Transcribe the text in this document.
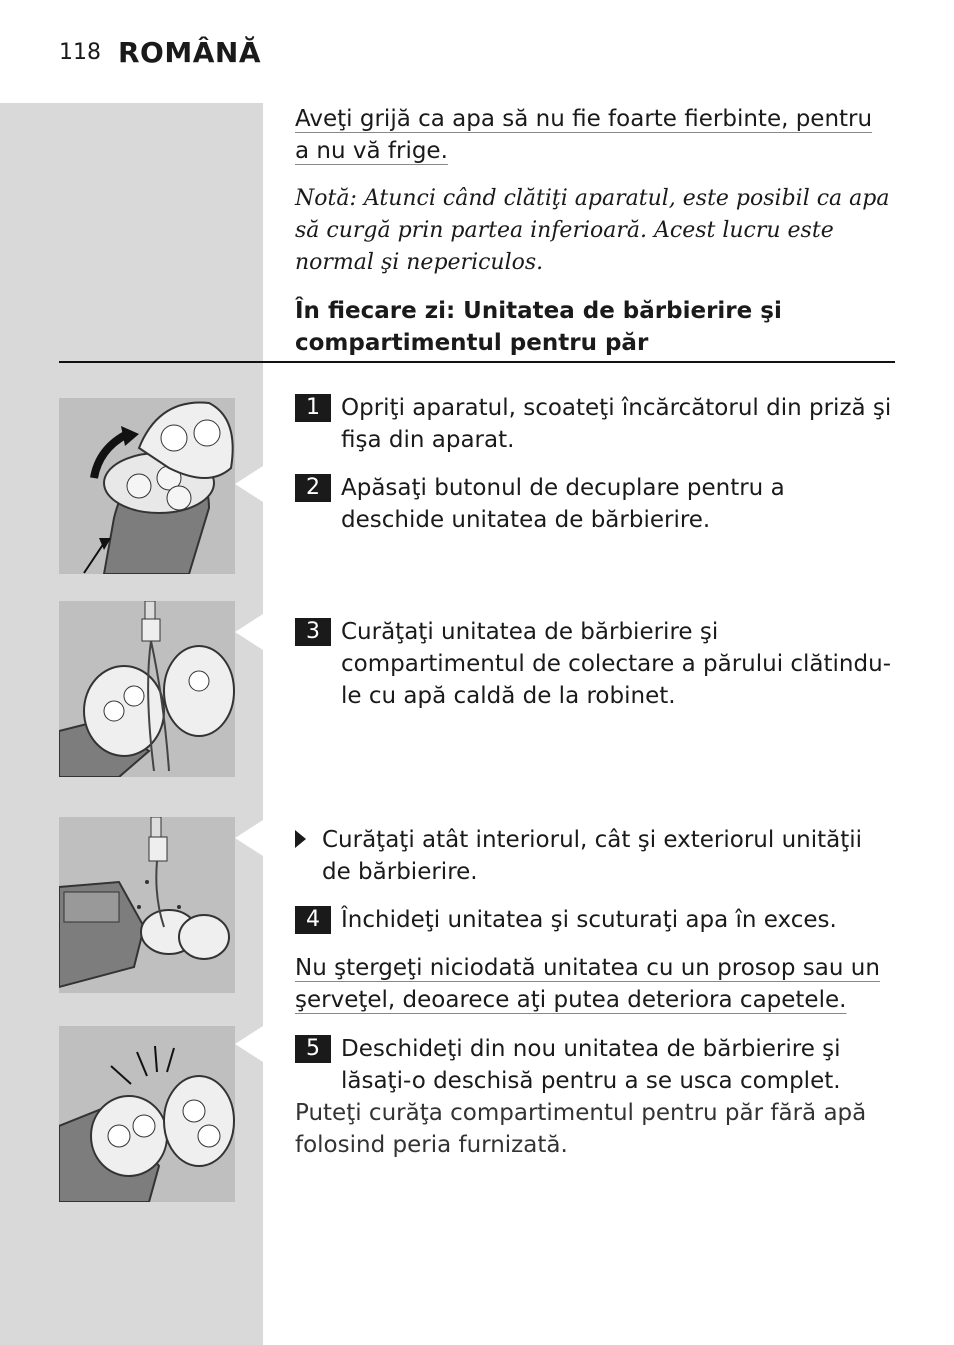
118 ROMÂNĂ
Aveţi grijă ca apa să nu fie foarte fierbinte, pentru a nu vă frige.
Notă: Atunci când clătiţi aparatul, este posibil ca apa să curgă prin partea inferioară. Acest lucru este normal şi nepericulos.
În fiecare zi: Unitatea de bărbierire şi compartimentul pentru păr
1 Opriţi aparatul, scoateţi încărcătorul din priză şi fişa din aparat.
2 Apăsaţi butonul de decuplare pentru a deschide unitatea de bărbierire.
3 Curăţaţi unitatea de bărbierire şi compartimentul de colectare a părului clătindu-le cu apă caldă de la robinet.
Curăţaţi atât interiorul, cât şi exteriorul unităţii de bărbierire.
4 Închideţi unitatea şi scuturaţi apa în exces.
Nu ştergeţi niciodată unitatea cu un prosop sau un şerveţel, deoarece aţi putea deteriora capetele.
5 Deschideţi din nou unitatea de bărbierire şi lăsaţi-o deschisă pentru a se usca complet.
Puteţi curăţa compartimentul pentru păr fără apă folosind peria furnizată.
